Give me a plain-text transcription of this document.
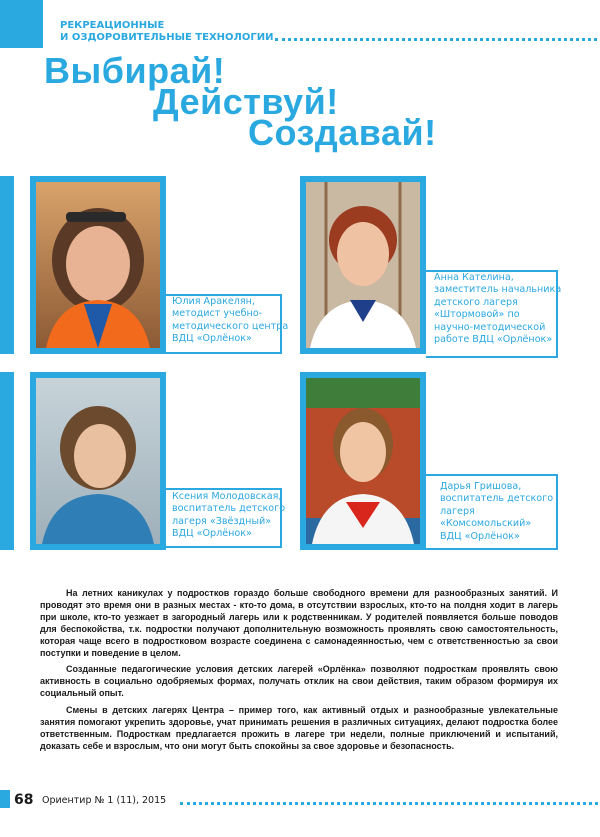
РЕКРЕАЦИОННЫЕ
И ОЗДОРОВИТЕЛЬНЫЕ ТЕХНОЛОГИИ
Выбирай!
Действуй!
Создавай!
Юлия Аракелян,
методист учебно-
методического центра
ВДЦ «Орлёнок»
Анна Кателина,
заместитель начальника
детского лагеря
«Штормовой» по
научно-методической
работе ВДЦ «Орлёнок»
Ксения Молодовская,
воспитатель детского
лагеря «Звёздный»
ВДЦ «Орлёнок»
Дарья Гришова,
воспитатель детского
лагеря
«Комсомольский»
ВДЦ «Орлёнок»

На летних каникулах у подростков гораздо больше свободного времени для разнообразных занятий. И проводят это время они в разных местах - кто-то дома, в отсутствии взрослых, кто-то на полдня ходит в лагерь при школе, кто-то уезжает в загородный лагерь или к родственникам. У родителей появляется больше поводов для беспокойства, т.к. подростки получают дополнительную возможность проявлять свою самостоятельность, которая чаще всего в подростковом возрасте соединена с самонадеянностью, чем с ответственностью за свои поступки и поведение в целом.

Созданные педагогические условия детских лагерей «Орлёнка» позволяют подросткам проявлять свою активность в социально одобряемых формах, получать отклик на свои действия, таким образом формируя их социальный опыт.

Смены в детских лагерях Центра – пример того, как активный отдых и разнообразные увлекательные занятия помогают укрепить здоровье, учат принимать решения в различных ситуациях, делают подростка более ответственным. Подросткам предлагается прожить в лагере три недели, полные приключений и испытаний, доказать себе и взрослым, что они могут быть спокойны за свое здоровье и безопасность.

68 Ориентир № 1 (11), 2015
